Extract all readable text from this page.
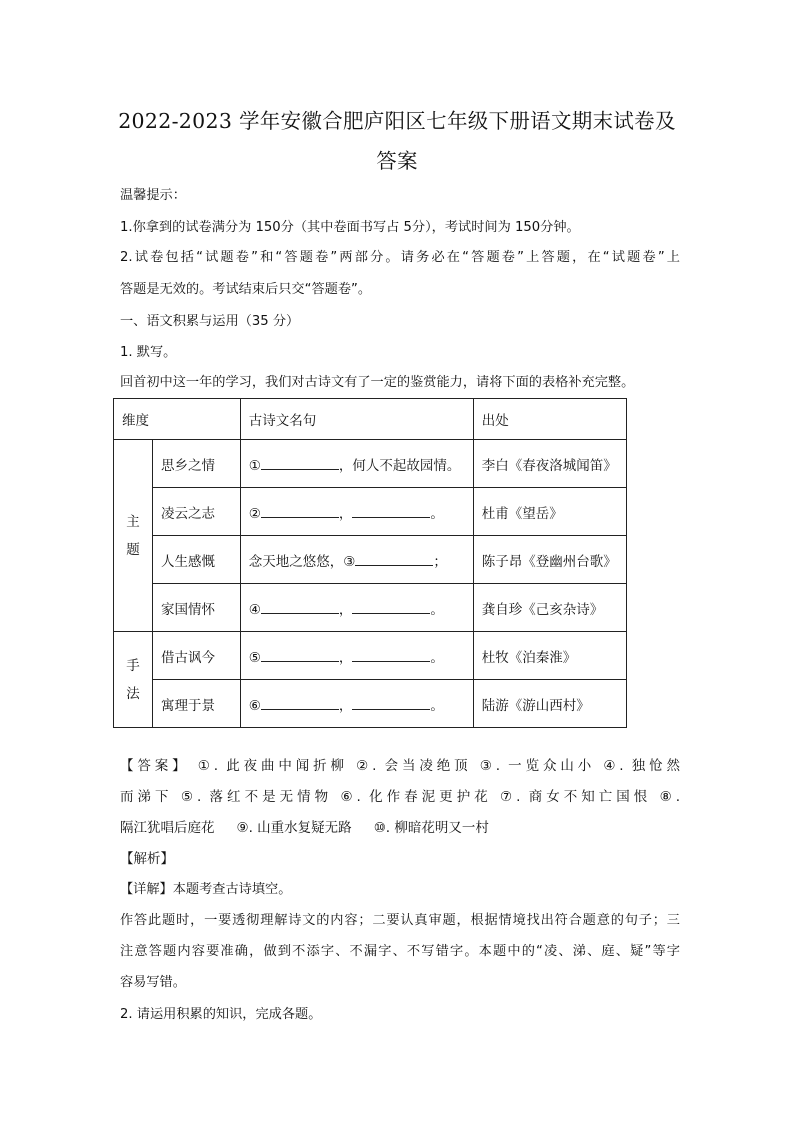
2022-2023 学年安徽合肥庐阳区七年级下册语文期末试卷及
答案
温馨提示：
1.你拿到的试卷满分为 150分（其中卷面书写占 5分），考试时间为 150分钟。
2.试卷包括“试题卷”和“答题卷”两部分。请务必在“答题卷”上答题，在“试题卷”上
答题是无效的。考试结束后只交“答题卷”。
一、语文积累与运用（35 分）
1. 默写。
回首初中这一年的学习，我们对古诗文有了一定的鉴赏能力，请将下面的表格补充完整。
维度		古诗文名句	出处

主
题	思乡之情	① ，何人不起故园情。	李白《春夜洛城闻笛》
	凌云之志	② ， 。	杜甫《望岳》
	人生感慨	念天地之悠悠，③ ；	陈子昂《登幽州台歌》
	家国情怀	④ ， 。	龚自珍《己亥杂诗》

手
法	借古讽今	⑤ ， 。	杜牧《泊秦淮》
	寓理于景	⑥ ， 。	陆游《游山西村》
【答案】 ①. 此夜曲中闻折柳 ②. 会当凌绝顶 ③. 一览众山小 ④. 独怆然
而涕下 ⑤. 落红不是无情物 ⑥. 化作春泥更护花 ⑦. 商女不知亡国恨 ⑧.
隔江犹唱后庭花 ⑨. 山重水复疑无路 ⑩. 柳暗花明又一村
【解析】
【详解】本题考查古诗填空。
作答此题时，一要透彻理解诗文的内容；二要认真审题，根据情境找出符合题意的句子；三
注意答题内容要准确，做到不添字、不漏字、不写错字。本题中的“凌、涕、庭、疑”等字
容易写错。
2. 请运用积累的知识，完成各题。
